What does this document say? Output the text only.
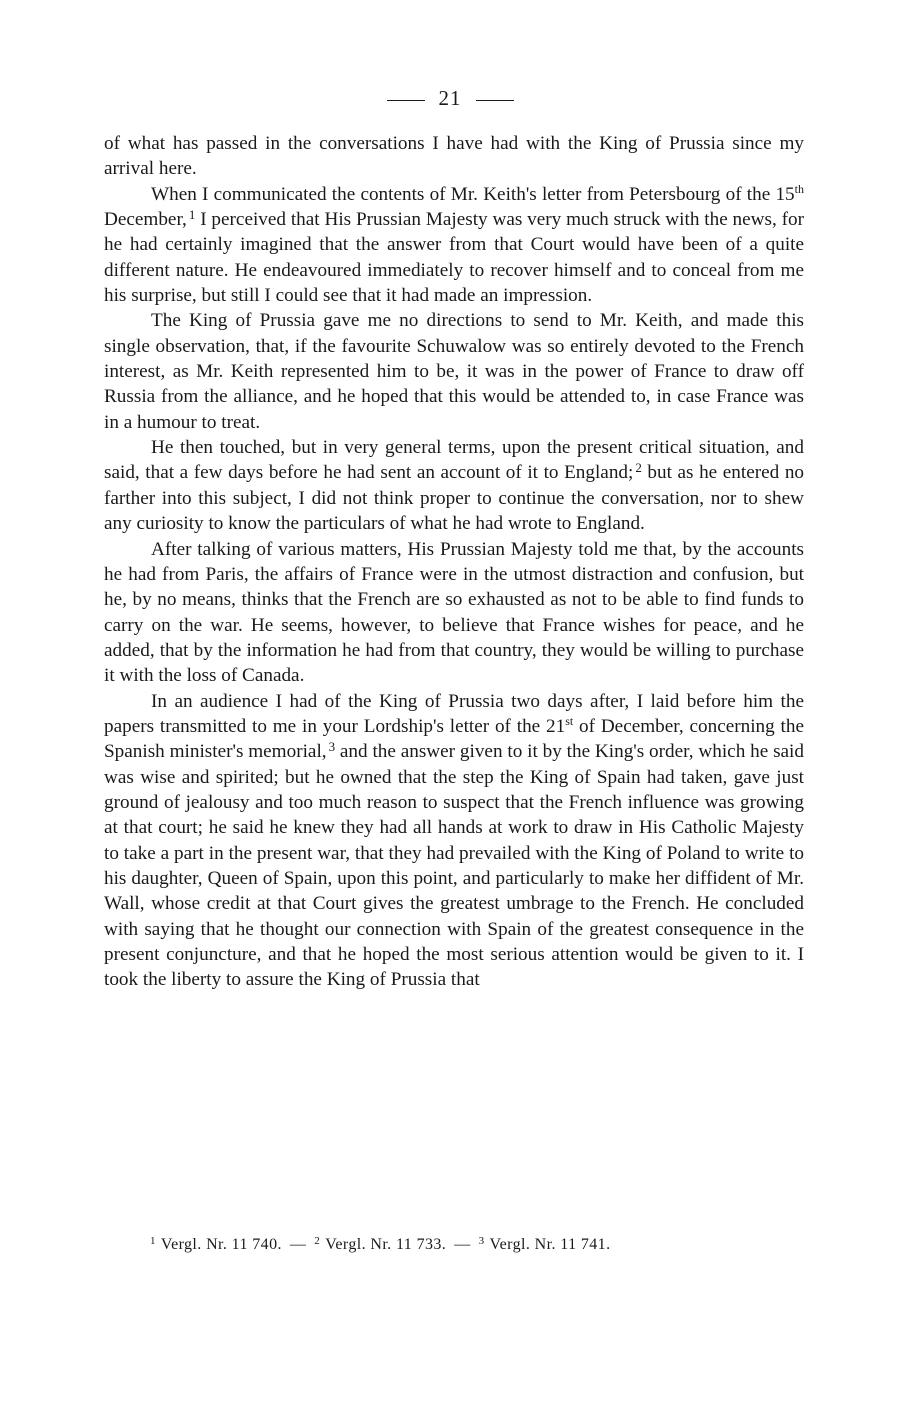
21

of what has passed in the conversations I have had with the King of Prussia since my arrival here.

When I communicated the contents of Mr. Keith's letter from Petersbourg of the 15th December, $^1$ I perceived that His Prussian Majesty was very much struck with the news, for he had certainly imagined that the answer from that Court would have been of a quite different nature. He endeavoured immediately to recover himself and to conceal from me his surprise, but still I could see that it had made an impression.

The King of Prussia gave me no directions to send to Mr. Keith, and made this single observation, that, if the favourite Schuwalow was so entirely devoted to the French interest, as Mr. Keith represented him to be, it was in the power of France to draw off Russia from the alliance, and he hoped that this would be attended to, in case France was in a humour to treat.

He then touched, but in very general terms, upon the present critical situation, and said, that a few days before he had sent an account of it to England; $^2$ but as he entered no farther into this subject, I did not think proper to continue the conversation, nor to shew any curiosity to know the particulars of what he had wrote to England.

After talking of various matters, His Prussian Majesty told me that, by the accounts he had from Paris, the affairs of France were in the utmost distraction and confusion, but he, by no means, thinks that the French are so exhausted as not to be able to find funds to carry on the war. He seems, however, to believe that France wishes for peace, and he added, that by the information he had from that country, they would be willing to purchase it with the loss of Canada.

In an audience I had of the King of Prussia two days after, I laid before him the papers transmitted to me in your Lordship's letter of the 21st of December, concerning the Spanish minister's memorial, $^3$ and the answer given to it by the King's order, which he said was wise and spirited; but he owned that the step the King of Spain had taken, gave just ground of jealousy and too much reason to suspect that the French influence was growing at that court; he said he knew they had all hands at work to draw in His Catholic Majesty to take a part in the present war, that they had prevailed with the King of Poland to write to his daughter, Queen of Spain, upon this point, and particularly to make her diffident of Mr. Wall, whose credit at that Court gives the greatest umbrage to the French. He concluded with saying that he thought our connection with Spain of the greatest consequence in the present conjuncture, and that he hoped the most serious attention would be given to it. I took the liberty to assure the King of Prussia that

$^1$ Vergl. Nr. 11 740. — $^2$ Vergl. Nr. 11 733. — $^3$ Vergl. Nr. 11 741.
